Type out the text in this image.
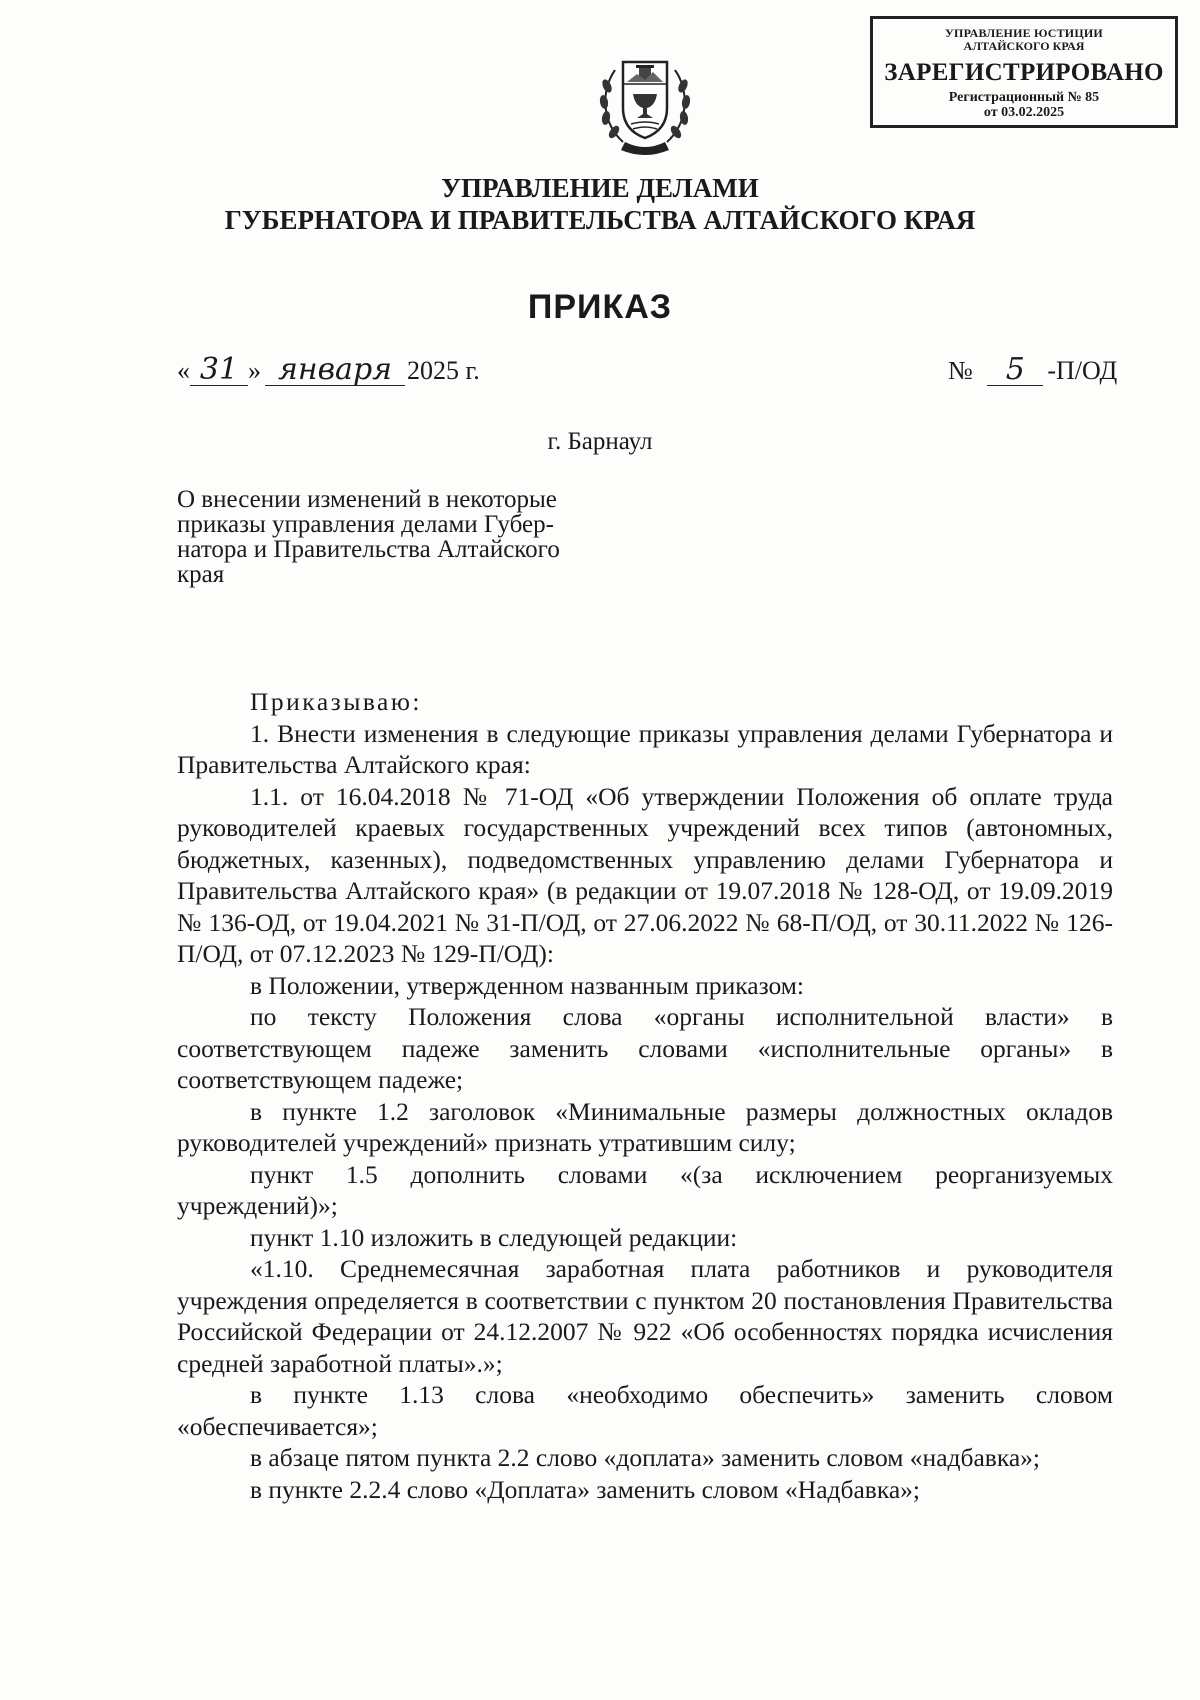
УПРАВЛЕНИЕ ЮСТИЦИИ
АЛТАЙСКОГО КРАЯ
ЗАРЕГИСТРИРОВАНО
Регистрационный № 85
от 03.02.2025
УПРАВЛЕНИЕ ДЕЛАМИ
ГУБЕРНАТОРА И ПРАВИТЕЛЬСТВА АЛТАЙСКОГО КРАЯ
ПРИКАЗ
« 31 » января 2025 г.	№ 5 -П/ОД
г. Барнаул
О внесении изменений в некоторые
приказы управления делами Губер-
натора и Правительства Алтайского
края

Приказываю:

1. Внести изменения в следующие приказы управления делами Губернатора и Правительства Алтайского края:

1.1. от 16.04.2018 № 71-ОД «Об утверждении Положения об оплате труда руководителей краевых государственных учреждений всех типов (автономных, бюджетных, казенных), подведомственных управлению делами Губернатора и Правительства Алтайского края» (в редакции от 19.07.2018 № 128-ОД, от 19.09.2019 № 136-ОД, от 19.04.2021 № 31-П/ОД, от 27.06.2022 № 68-П/ОД, от 30.11.2022 № 126-П/ОД, от 07.12.2023 № 129-П/ОД):

в Положении, утвержденном названным приказом:

по тексту Положения слова «органы исполнительной власти» в соответствующем падеже заменить словами «исполнительные органы» в соответствующем падеже;

в пункте 1.2 заголовок «Минимальные размеры должностных окладов руководителей учреждений» признать утратившим силу;

пункт 1.5 дополнить словами «(за исключением реорганизуемых учреждений)»;

пункт 1.10 изложить в следующей редакции:

«1.10. Среднемесячная заработная плата работников и руководителя учреждения определяется в соответствии с пунктом 20 постановления Правительства Российской Федерации от 24.12.2007 № 922 «Об особенностях порядка исчисления средней заработной платы».»;

в пункте 1.13 слова «необходимо обеспечить» заменить словом «обеспечивается»;

в абзаце пятом пункта 2.2 слово «доплата» заменить словом «надбавка»;

в пункте 2.2.4 слово «Доплата» заменить словом «Надбавка»;
